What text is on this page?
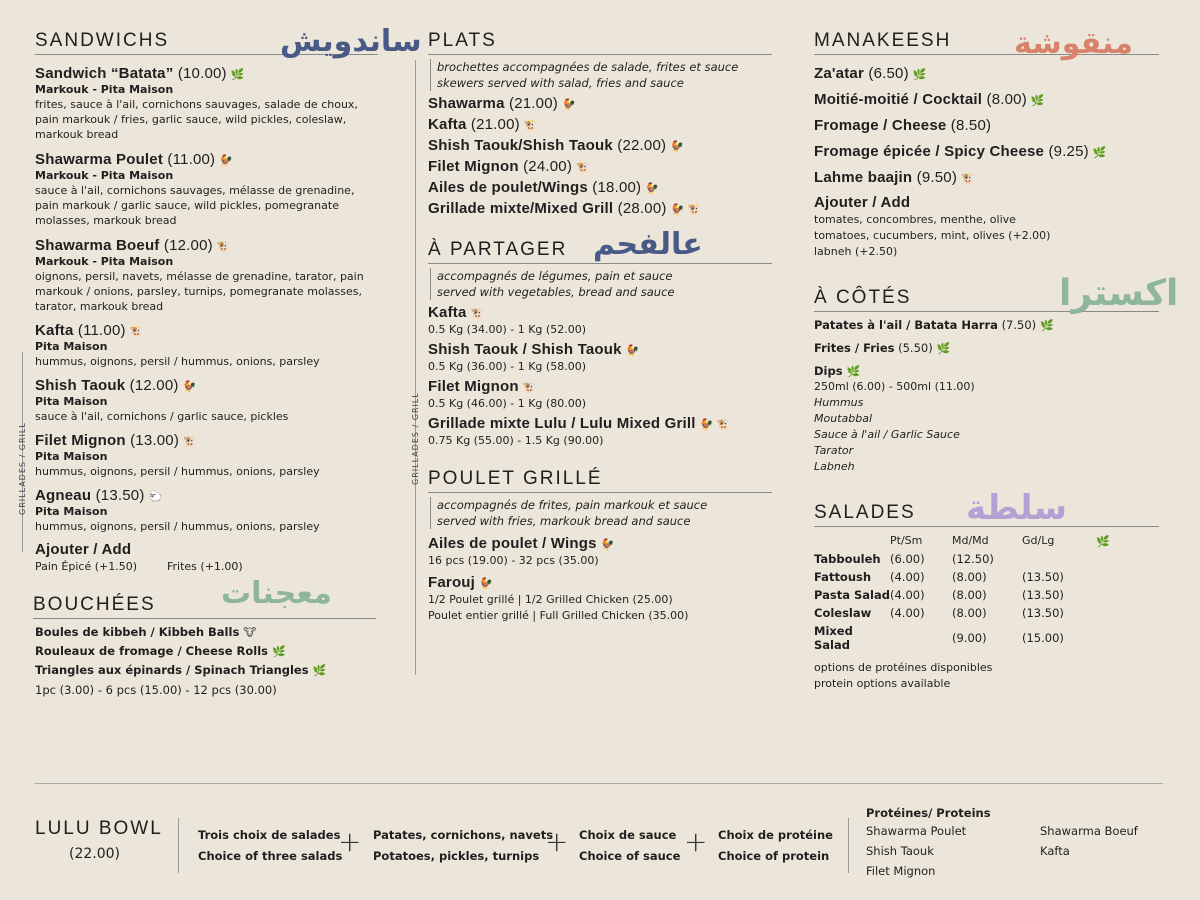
SANDWICHS	ساندويش
Sandwich “Batata” (10.00) 🌿
Markouk - Pita Maison
frites, sauce à l'ail, cornichons sauvages, salade de choux, pain markouk / fries, garlic sauce, wild pickles, coleslaw, markouk bread
Shawarma Poulet (11.00) 🐓
Markouk - Pita Maison
sauce à l'ail, cornichons sauvages, mélasse de grenadine, pain markouk / garlic sauce, wild pickles, pomegranate molasses, markouk bread
Shawarma Boeuf (12.00) 🐮
Markouk - Pita Maison
oignons, persil, navets, mélasse de grenadine, tarator, pain markouk / onions, parsley, turnips, pomegranate molasses, tarator, markouk bread
Kafta (11.00) 🐮
Pita Maison
hummus, oignons, persil / hummus, onions, parsley
Shish Taouk (12.00) 🐓
Pita Maison
sauce à l'ail, cornichons / garlic sauce, pickles
Filet Mignon (13.00) 🐮
Pita Maison
hummus, oignons, persil / hummus, onions, parsley
Agneau (13.50) 🐑
Pita Maison
hummus, oignons, persil / hummus, onions, parsley
GRILLADES / GRILL
Ajouter / Add
Pain Épicé (+1.50)	Frites (+1.00)
BOUCHÉES معجنات
Boules de kibbeh / Kibbeh Balls 🐮
Rouleaux de fromage / Cheese Rolls 🌿
Triangles aux épinards / Spinach Triangles 🌿
1pc (3.00) - 6 pcs (15.00) - 12 pcs (30.00)
PLATS
brochettes accompagnées de salade, frites et sauce
skewers served with salad, fries and sauce
Shawarma (21.00) 🐓
Kafta (21.00) 🐮
Shish Taouk/Shish Taouk (22.00) 🐓
Filet Mignon (24.00) 🐮
Ailes de poulet/Wings (18.00) 🐓
Grillade mixte/Mixed Grill (28.00) 🐓 🐮
À PARTAGER عالفحم
accompagnés de légumes, pain et sauce
served with vegetables, bread and sauce
GRILLADES / GRILL
Kafta 🐮
0.5 Kg (34.00) - 1 Kg (52.00)
Shish Taouk / Shish Taouk 🐓
0.5 Kg (36.00) - 1 Kg (58.00)
Filet Mignon 🐮
0.5 Kg (46.00) - 1 Kg (80.00)
Grillade mixte Lulu / Lulu Mixed Grill 🐓 🐮
0.75 Kg (55.00) - 1.5 Kg (90.00)
POULET GRILLÉ
accompagnés de frites, pain markouk et sauce
served with fries, markouk bread and sauce
Ailes de poulet / Wings 🐓
16 pcs (19.00) - 32 pcs (35.00)
Farouj 🐓
1/2 Poulet grillé | 1/2 Grilled Chicken (25.00)
Poulet entier grillé | Full Grilled Chicken (35.00)
MANAKEESH منقوشة
Za'atar (6.50) 🌿
Moitié-moitié / Cocktail (8.00) 🌿
Fromage / Cheese (8.50)
Fromage épicée / Spicy Cheese (9.25) 🌿
Lahme baajin (9.50) 🐮
Ajouter / Add
tomates, concombres, menthe, olive
tomatoes, cucumbers, mint, olives (+2.00)
labneh (+2.50)
À CÔTÉS	اكسترا
Patates à l'ail / Batata Harra (7.50) 🌿
Frites / Fries (5.50) 🌿
Dips 🌿
250ml (6.00) - 500ml (11.00)
Hummus
Moutabbal
Sauce à l'ail / Garlic Sauce
Tarator
Labneh
SALADES سلطة
	Pt/Sm	Md/Md	Gd/Lg		🌿
Tabbouleh	(6.00)	(12.50)	
Fattoush	(4.00)	(8.00)	(13.50)
Pasta Salad	(4.00)	(8.00)	(13.50)
Coleslaw	(4.00)	(8.00)	(13.50)
Mixed Salad		(9.00)	(15.00)
options de protéines disponibles
protein options available
LULU BOWL
(22.00)
Trois choix de salades
Choice of three salads
+ Patates, cornichons, navets
Potatoes, pickles, turnips + Choix de sauce
Choice of sauce + Choix de protéine
Choice of protein
Protéines/ Proteins
Shawarma Poulet	Shawarma Boeuf
Shish Taouk	Kafta
Filet Mignon
